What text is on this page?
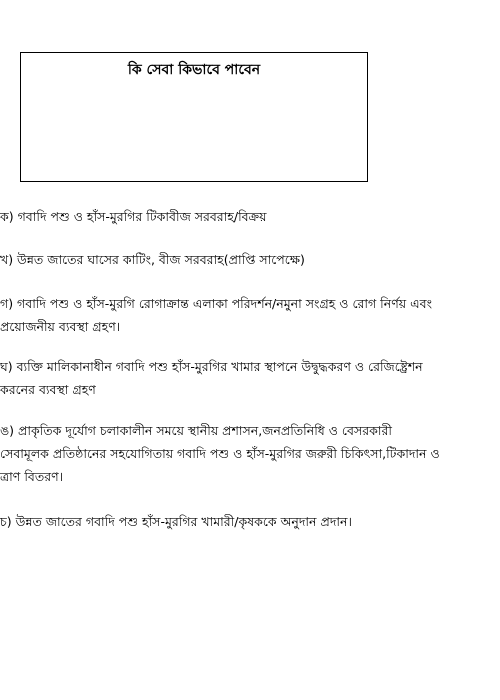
কি সেবা কিভাবে পাবেন
ক) গবাদি পশু ও হাঁস-মুরগির টিকাবীজ সরবরাহ/বিক্রয়
খ) উন্নত জাতের ঘাসের কাটিং, বীজ সরবরাহ(প্রাপ্তি সাপেক্ষে)
গ) গবাদি পশু ও হাঁস-মুরগি রোগাক্রান্ত এলাকা পরিদর্শন/নমুনা সংগ্রহ ও রোগ নির্ণয় এবং
প্রয়োজনীয় ব্যবস্থা গ্রহণ।
ঘ) ব্যক্তি মালিকানাধীন গবাদি পশু হাঁস-মুরগির খামার স্থাপনে উদ্বুদ্ধকরণ ও রেজিষ্ট্রেশন
করনের ব্যবস্থা গ্রহণ
ঙ) প্রাকৃতিক দূর্যোগ চলাকালীন সময়ে স্থানীয় প্রশাসন,জনপ্রতিনিধি ও বেসরকারী
সেবামূলক প্রতিষ্ঠানের সহযোগিতায় গবাদি পশু ও হাঁস-মুরগির জরুরী চিকিৎসা,টিকাদান ও
ত্রাণ বিতরণ।
চ) উন্নত জাতের গবাদি পশু হাঁস-মুরগির খামারী/কৃষককে অনুদান প্রদান।
